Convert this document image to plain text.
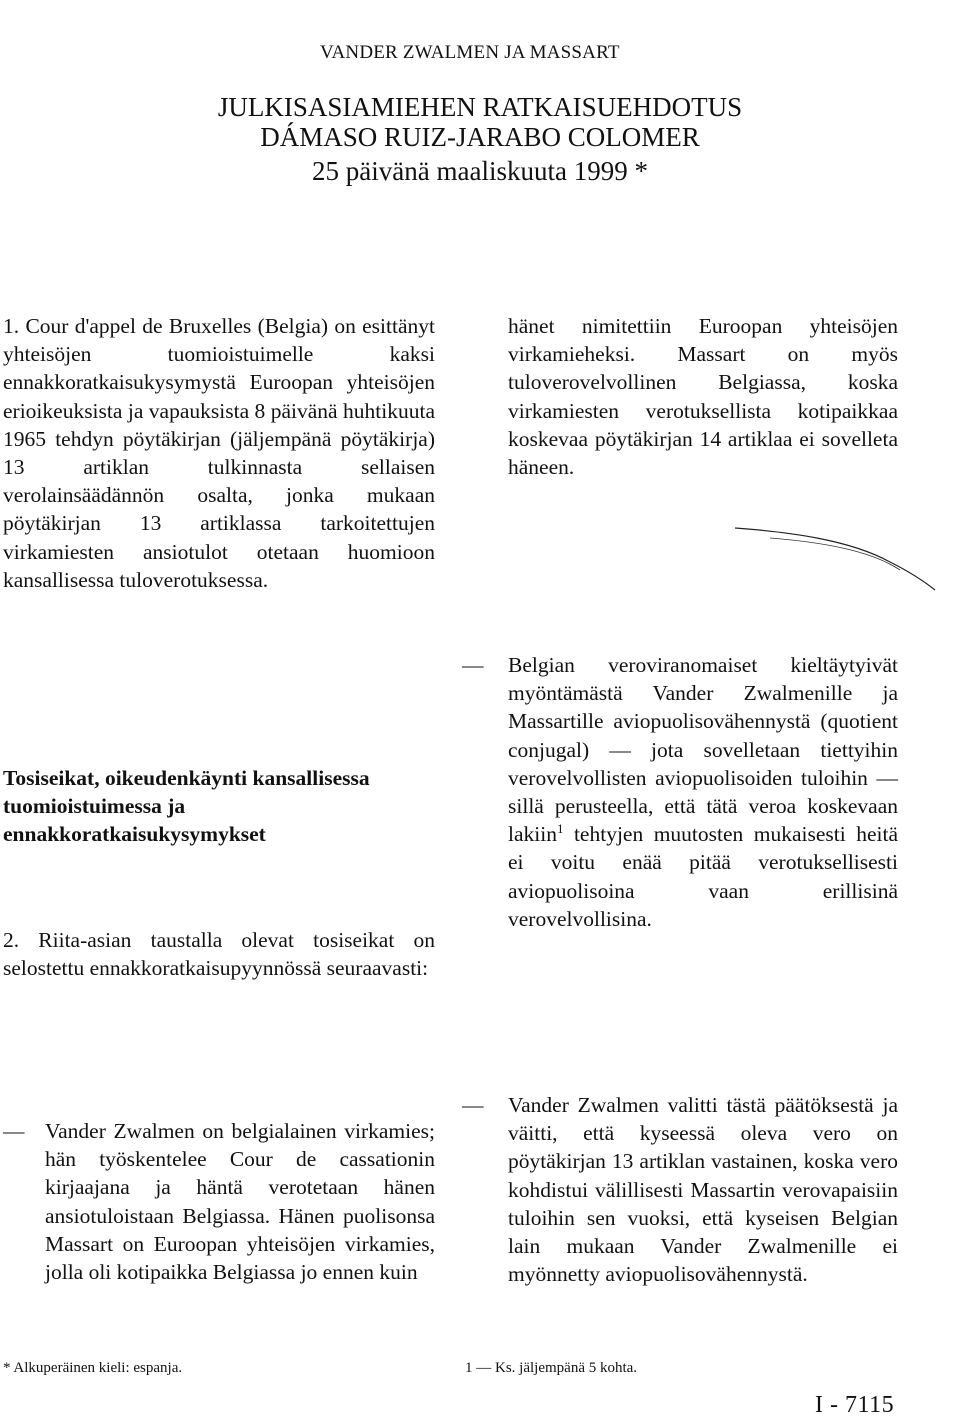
VANDER ZWALMEN JA MASSART
JULKISASIAMIEHEN RATKAISUEHDOTUS
DÁMASO RUIZ-JARABO COLOMER
25 päivänä maaliskuuta 1999 *
1. Cour d'appel de Bruxelles (Belgia) on esittänyt yhteisöjen tuomioistuimelle kaksi ennakkoratkaisukysymystä Euroopan yhteisöjen erioikeuksista ja vapauksista 8 päivänä huhtikuuta 1965 tehdyn pöytäkirjan (jäljempänä pöytäkirja) 13 artiklan tulkinnasta sellaisen verolainsäädännön osalta, jonka mukaan pöytäkirjan 13 artiklassa tarkoitettujen virkamiesten ansiotulot otetaan huomioon kansallisessa tuloverotuksessa.
hänet nimitettiin Euroopan yhteisöjen virkamieheksi. Massart on myös tuloverovelvollinen Belgiassa, koska virkamiesten verotuksellista kotipaikkaa koskevaa pöytäkirjan 14 artiklaa ei sovelleta häneen.
— Belgian veroviranomaiset kieltäytyivät myöntämästä Vander Zwalmenille ja Massartille aviopuolisovähennystä (quotient conjugal) — jota sovelletaan tiettyihin verovelvollisten aviopuolisoiden tuloihin — sillä perusteella, että tätä veroa koskevaan lakiin$^1$ tehtyjen muutosten mukaisesti heitä ei voitu enää pitää verotuksellisesti aviopuolisoina vaan erillisinä verovelvollisina.
Tosiseikat, oikeudenkäynti kansallisessa tuomioistuimessa ja ennakkoratkaisukysymykset
2. Riita-asian taustalla olevat tosiseikat on selostettu ennakkoratkaisupyynnössä seuraavasti:
— Vander Zwalmen on belgialainen virkamies; hän työskentelee Cour de cassationin kirjaajana ja häntä verotetaan hänen ansiotuloistaan Belgiassa. Hänen puolisonsa Massart on Euroopan yhteisöjen virkamies, jolla oli kotipaikka Belgiassa jo ennen kuin
— Vander Zwalmen valitti tästä päätöksestä ja väitti, että kyseessä oleva vero on pöytäkirjan 13 artiklan vastainen, koska vero kohdistui välillisesti Massartin verovapaisiin tuloihin sen vuoksi, että kyseisen Belgian lain mukaan Vander Zwalmenille ei myönnetty aviopuolisovähennystä.
* Alkuperäinen kieli: espanja.	1 — Ks. jäljempänä 5 kohta.
I - 7115
